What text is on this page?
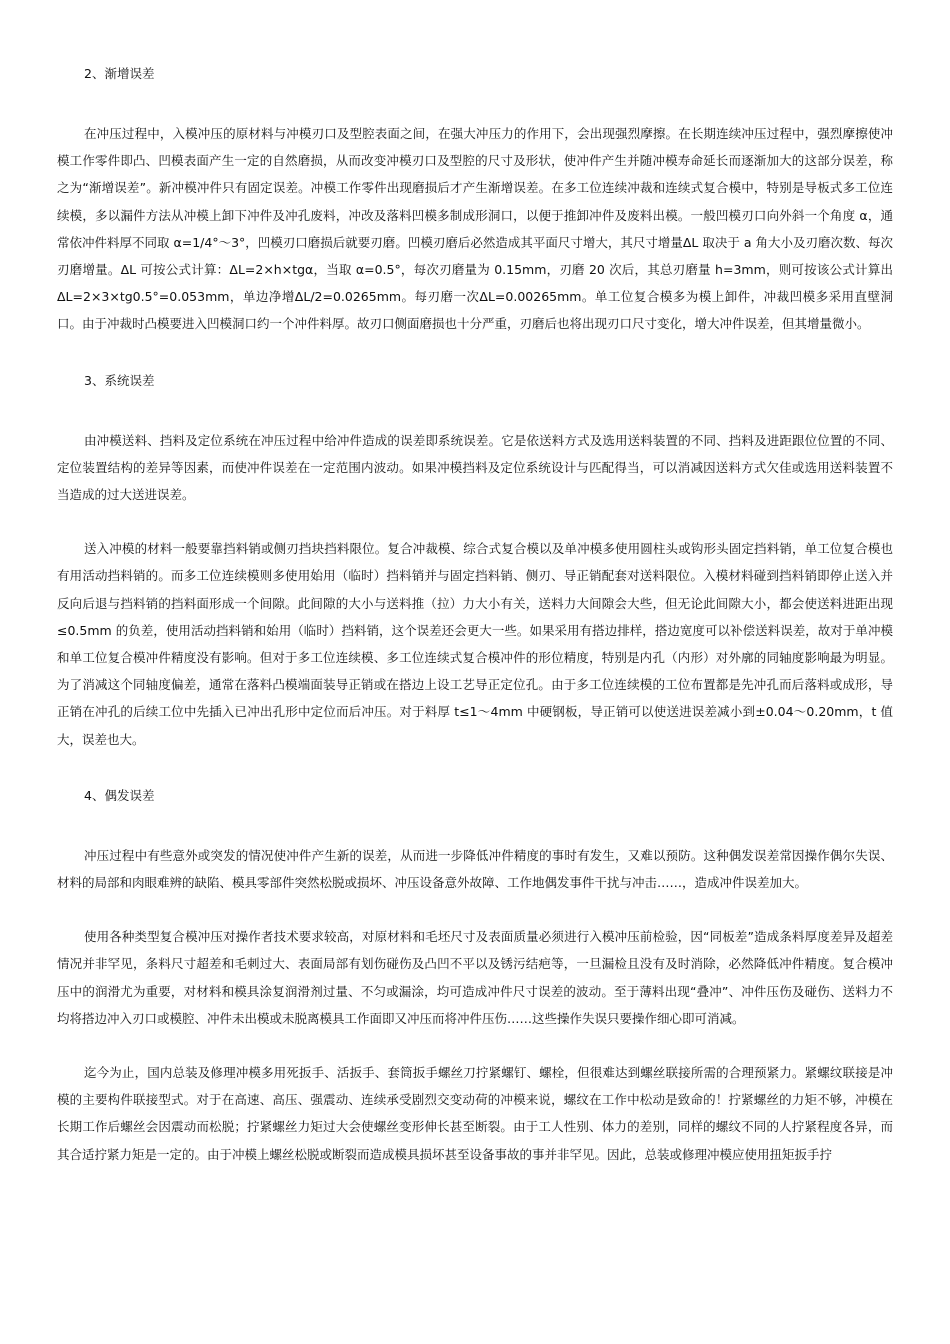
2、渐增误差

在冲压过程中，入模冲压的原材料与冲模刃口及型腔表面之间，在强大冲压力的作用下，会出现强烈摩擦。在长期连续冲压过程中，强烈摩擦使冲模工作零件即凸、凹模表面产生一定的自然磨损，从而改变冲模刃口及型腔的尺寸及形状，使冲件产生并随冲模寿命延长而逐渐加大的这部分误差，称之为“渐增误差”。新冲模冲件只有固定误差。冲模工作零件出现磨损后才产生渐增误差。在多工位连续冲裁和连续式复合模中，特别是导板式多工位连续模，多以漏件方法从冲模上卸下冲件及冲孔废料，冲改及落料凹模多制成形洞口，以便于推卸冲件及废料出模。一般凹模刃口向外斜一个角度 α，通常依冲件料厚不同取 α=1/4°～3°，凹模刃口磨损后就要刃磨。凹模刃磨后必然造成其平面尺寸增大，其尺寸增量ΔL 取决于 a 角大小及刃磨次数、每次刃磨增量。ΔL 可按公式计算：ΔL=2×h×tgα，当取 α=0.5°，每次刃磨量为 0.15mm，刃磨 20 次后，其总刃磨量 h=3mm，则可按该公式计算出ΔL=2×3×tg0.5°=0.053mm，单边净增ΔL/2=0.0265mm。每刃磨一次ΔL=0.00265mm。单工位复合模多为模上卸件，冲裁凹模多采用直壁洞口。由于冲裁时凸模要进入凹模洞口约一个冲件料厚。故刃口侧面磨损也十分严重，刃磨后也将出现刃口尺寸变化，增大冲件误差，但其增量微小。

3、系统误差

由冲模送料、挡料及定位系统在冲压过程中给冲件造成的误差即系统误差。它是依送料方式及选用送料装置的不同、挡料及进距跟位位置的不同、定位装置结构的差异等因素，而使冲件误差在一定范围内波动。如果冲模挡料及定位系统设计与匹配得当，可以消减因送料方式欠佳或选用送料装置不当造成的过大送进误差。

送入冲模的材料一般要靠挡料销或侧刃挡块挡料限位。复合冲裁模、综合式复合模以及单冲模多使用圆柱头或钩形头固定挡料销，单工位复合模也有用活动挡料销的。而多工位连续模则多使用始用（临时）挡料销并与固定挡料销、侧刃、导正销配套对送料限位。入模材料碰到挡料销即停止送入并反向后退与挡料销的挡料面形成一个间隙。此间隙的大小与送料推（拉）力大小有关，送料力大间隙会大些，但无论此间隙大小，都会使送料进距出现≤0.5mm 的负差，使用活动挡料销和始用（临时）挡料销，这个误差还会更大一些。如果采用有搭边排样，搭边宽度可以补偿送料误差，故对于单冲模和单工位复合模冲件精度没有影响。但对于多工位连续模、多工位连续式复合模冲件的形位精度，特别是内孔（内形）对外廓的同轴度影响最为明显。为了消减这个同轴度偏差，通常在落料凸模端面装导正销或在搭边上设工艺导正定位孔。由于多工位连续模的工位布置都是先冲孔而后落料或成形，导正销在冲孔的后续工位中先插入已冲出孔形中定位而后冲压。对于料厚 t≤1～4mm 中硬钢板，导正销可以使送进误差减小到±0.04～0.20mm，t 值大，误差也大。

4、偶发误差

冲压过程中有些意外或突发的情况使冲件产生新的误差，从而进一步降低冲件精度的事时有发生，又难以预防。这种偶发误差常因操作偶尔失误、材料的局部和肉眼难辨的缺陷、模具零部件突然松脱或损坏、冲压设备意外故障、工作地偶发事件干扰与冲击……，造成冲件误差加大。

使用各种类型复合模冲压对操作者技术要求较高，对原材料和毛坯尺寸及表面质量必须进行入模冲压前检验，因“同板差”造成条料厚度差异及超差情况并非罕见，条料尺寸超差和毛刺过大、表面局部有划伤碰伤及凸凹不平以及锈污结疤等，一旦漏检且没有及时消除，必然降低冲件精度。复合模冲压中的润滑尤为重要，对材料和模具涂复润滑剂过量、不匀或漏涂，均可造成冲件尺寸误差的波动。至于薄料出现“叠冲”、冲件压伤及碰伤、送料力不均将搭边冲入刃口或模腔、冲件未出模或未脱离模具工作面即又冲压而将冲件压伤……这些操作失误只要操作细心即可消减。

迄今为止，国内总装及修理冲模多用死扳手、活扳手、套筒扳手螺丝刀拧紧螺钉、螺栓，但很难达到螺丝联接所需的合理预紧力。紧螺纹联接是冲模的主要构件联接型式。对于在高速、高压、强震动、连续承受剧烈交变动荷的冲模来说，螺纹在工作中松动是致命的！拧紧螺丝的力矩不够，冲模在长期工作后螺丝会因震动而松脱；拧紧螺丝力矩过大会使螺丝变形伸长甚至断裂。由于工人性别、体力的差别，同样的螺纹不同的人拧紧程度各异，而其合适拧紧力矩是一定的。由于冲模上螺丝松脱或断裂而造成模具损坏甚至设备事故的事并非罕见。因此，总装或修理冲模应使用扭矩扳手拧
